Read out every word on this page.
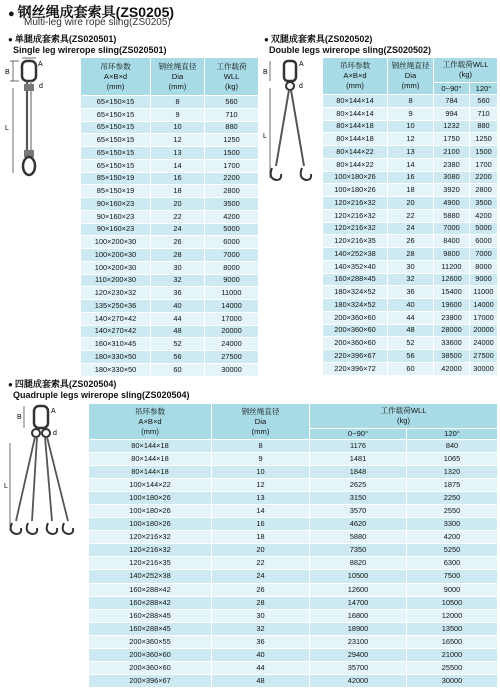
● 钢丝绳成套索具(ZS0205)
Multi-leg wire rope sling(ZS0205)
● 单腿成套索具(ZS020501)
Single leg wirerope sling(ZS020501)
B
L
A
d
吊环参数
A×B×d
(mm)	钢丝绳直径
Dia
(mm)	工作载荷
WLL
(kg)

65×150×15	8	560
65×150×15	9	710
65×150×15	10	880
65×150×15	12	1250
65×150×15	13	1500
65×150×15	14	1700
85×150×19	16	2200
85×150×19	18	2800
90×160×23	20	3500
90×160×23	22	4200
90×160×23	24	5000
100×200×30	26	6000
100×200×30	28	7000
100×200×30	30	8000
110×200×30	32	9000
120×230×32	36	11000
135×250×36	40	14000
140×270×42	44	17000
140×270×42	48	20000
160×310×45	52	24000
180×330×50	56	27500
180×330×50	60	30000
● 双腿成套索具(ZS020502)
Double legs wirerope sling(ZS020502)
B
L
A
d
吊环参数
A×B×d
(mm)	钢丝绳直径
Dia
(mm)	工作载荷WLL
(kg)	

		0~90°	120°
80×144×14	8	784	560
80×144×14	9	994	710
80×144×18	10	1232	880
80×144×18	12	1750	1250
80×144×22	13	2100	1500
80×144×22	14	2380	1700
100×180×26	16	3080	2200
100×180×26	18	3920	2800
120×216×32	20	4900	3500
120×216×32	22	5880	4200
120×216×32	24	7000	5000
120×216×35	26	8400	6000
140×252×38	28	9800	7000
140×352×40	30	11200	8000
160×288×45	32	12600	9000
180×324×52	36	15400	11000
180×324×52	40	19600	14000
200×360×60	44	23800	17000
200×360×60	48	28000	20000
200×360×60	52	33600	24000
220×396×67	56	38500	27500
220×396×72	60	42000	30000
● 四腿成套索具(ZS020504)
Quadruple legs wirerope sling(ZS020504)
B
L
A
d
吊环参数
A×B×d
(mm)	钢丝绳直径
Dia
(mm)	工作载荷WLL
(kg)	

		0~90°	120°
80×144×18	8	1176	840
80×144×18	9	1481	1065
80×144×18	10	1848	1320
100×144×22	12	2625	1875
100×180×26	13	3150	2250
100×180×26	14	3570	2550
100×180×26	16	4620	3300
120×216×32	18	5880	4200
120×216×32	20	7350	5250
120×216×35	22	8820	6300
140×252×38	24	10500	7500
160×288×42	26	12600	9000
160×288×42	28	14700	10500
160×288×45	30	16800	12000
160×288×45	32	18900	13500
200×360×55	36	23100	16500
200×360×60	40	29400	21000
200×360×60	44	35700	25500
200×396×67	48	42000	30000
